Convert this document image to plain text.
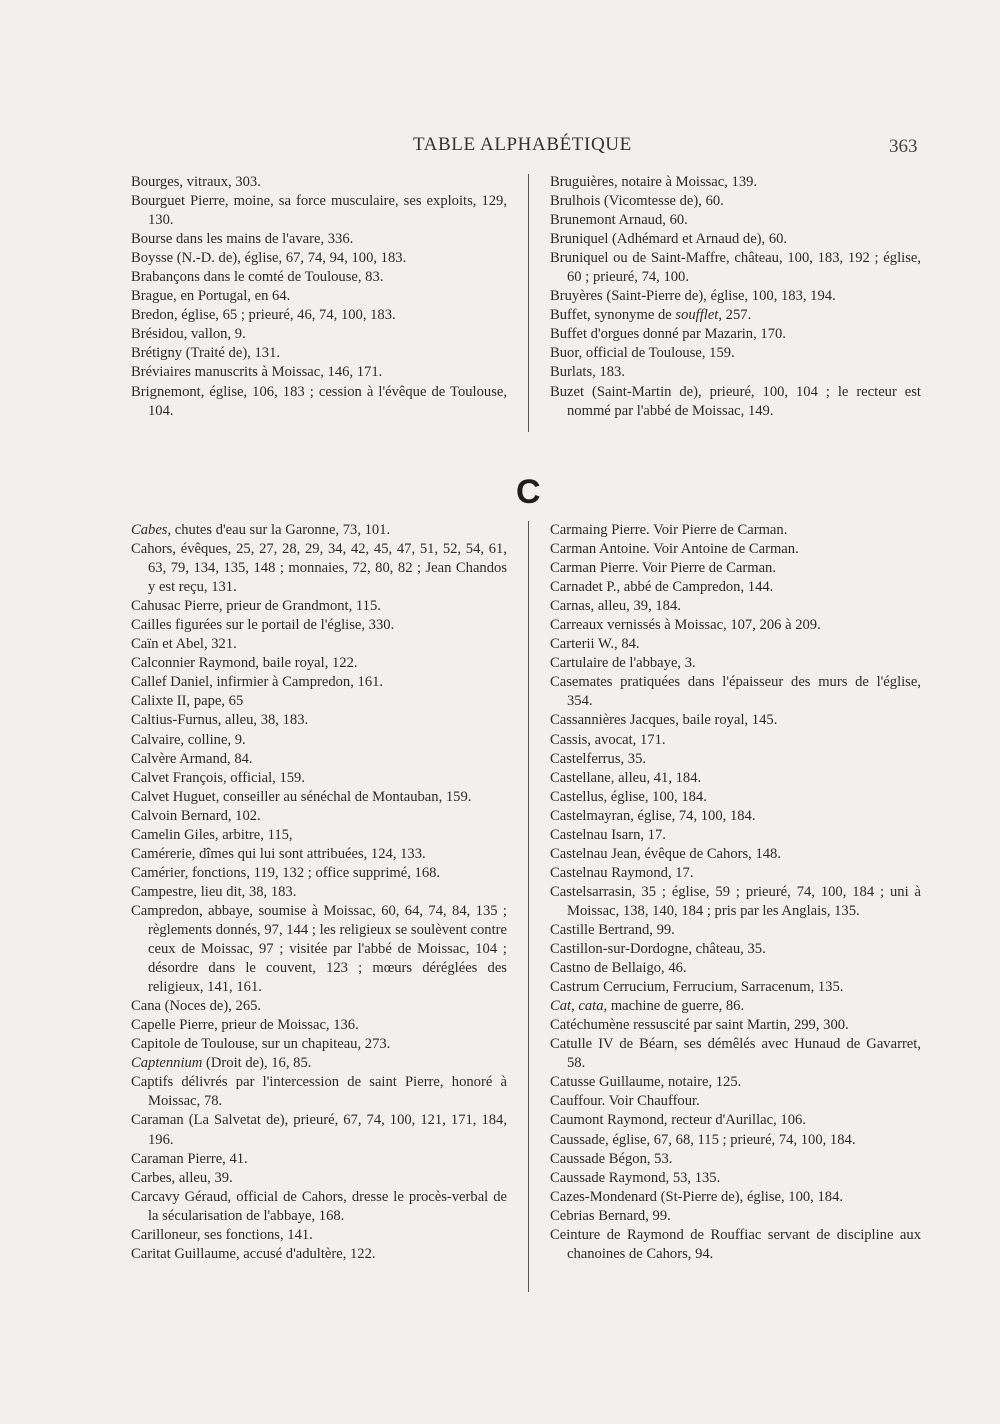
TABLE ALPHABÉTIQUE	363

Bourges, vitraux, 303.

Bourguet Pierre, moine, sa force musculaire, ses exploits, 129, 130.

Bourse dans les mains de l'avare, 336.

Boysse (N.-D. de), église, 67, 74, 94, 100, 183.

Brabançons dans le comté de Toulouse, 83.

Brague, en Portugal, en 64.

Bredon, église, 65 ; prieuré, 46, 74, 100, 183.

Brésidou, vallon, 9.

Brétigny (Traité de), 131.

Bréviaires manuscrits à Moissac, 146, 171.

Brignemont, église, 106, 183 ; cession à l'évêque de Toulouse, 104.

Bruguières, notaire à Moissac, 139.

Brulhois (Vicomtesse de), 60.

Brunemont Arnaud, 60.

Bruniquel (Adhémard et Arnaud de), 60.

Bruniquel ou de Saint-Maffre, château, 100, 183, 192 ; église, 60 ; prieuré, 74, 100.

Bruyères (Saint-Pierre de), église, 100, 183, 194.

Buffet, synonyme de soufflet, 257.

Buffet d'orgues donné par Mazarin, 170.

Buor, official de Toulouse, 159.

Burlats, 183.

Buzet (Saint-Martin de), prieuré, 100, 104 ; le recteur est nommé par l'abbé de Moissac, 149.

C

Cabes, chutes d'eau sur la Garonne, 73, 101.

Cahors, évêques, 25, 27, 28, 29, 34, 42, 45, 47, 51, 52, 54, 61, 63, 79, 134, 135, 148 ; monnaies, 72, 80, 82 ; Jean Chandos y est reçu, 131.

Cahusac Pierre, prieur de Grandmont, 115.

Cailles figurées sur le portail de l'église, 330.

Caïn et Abel, 321.

Calconnier Raymond, baile royal, 122.

Callef Daniel, infirmier à Campredon, 161.

Calixte II, pape, 65

Caltius-Furnus, alleu, 38, 183.

Calvaire, colline, 9.

Calvère Armand, 84.

Calvet François, official, 159.

Calvet Huguet, conseiller au sénéchal de Montauban, 159.

Calvoin Bernard, 102.

Camelin Giles, arbitre, 115,

Camérerie, dîmes qui lui sont attribuées, 124, 133.

Camérier, fonctions, 119, 132 ; office supprimé, 168.

Campestre, lieu dit, 38, 183.

Campredon, abbaye, soumise à Moissac, 60, 64, 74, 84, 135 ; règlements donnés, 97, 144 ; les religieux se soulèvent contre ceux de Moissac, 97 ; visitée par l'abbé de Moissac, 104 ; désordre dans le couvent, 123 ; mœurs déréglées des religieux, 141, 161.

Cana (Noces de), 265.

Capelle Pierre, prieur de Moissac, 136.

Capitole de Toulouse, sur un chapiteau, 273.

Captennium (Droit de), 16, 85.

Captifs délivrés par l'intercession de saint Pierre, honoré à Moissac, 78.

Caraman (La Salvetat de), prieuré, 67, 74, 100, 121, 171, 184, 196.

Caraman Pierre, 41.

Carbes, alleu, 39.

Carcavy Géraud, official de Cahors, dresse le procès-verbal de la sécularisation de l'abbaye, 168.

Carilloneur, ses fonctions, 141.

Caritat Guillaume, accusé d'adultère, 122.

Carmaing Pierre. Voir Pierre de Carman.

Carman Antoine. Voir Antoine de Carman.

Carman Pierre. Voir Pierre de Carman.

Carnadet P., abbé de Campredon, 144.

Carnas, alleu, 39, 184.

Carreaux vernissés à Moissac, 107, 206 à 209.

Carterii W., 84.

Cartulaire de l'abbaye, 3.

Casemates pratiquées dans l'épaisseur des murs de l'église, 354.

Cassannières Jacques, baile royal, 145.

Cassis, avocat, 171.

Castelferrus, 35.

Castellane, alleu, 41, 184.

Castellus, église, 100, 184.

Castelmayran, église, 74, 100, 184.

Castelnau Isarn, 17.

Castelnau Jean, évêque de Cahors, 148.

Castelnau Raymond, 17.

Castelsarrasin, 35 ; église, 59 ; prieuré, 74, 100, 184 ; uni à Moissac, 138, 140, 184 ; pris par les Anglais, 135.

Castille Bertrand, 99.

Castillon-sur-Dordogne, château, 35.

Castno de Bellaigo, 46.

Castrum Cerrucium, Ferrucium, Sarracenum, 135.

Cat, cata, machine de guerre, 86.

Catéchumène ressuscité par saint Martin, 299, 300.

Catulle IV de Béarn, ses démêlés avec Hunaud de Gavarret, 58.

Catusse Guillaume, notaire, 125.

Cauffour. Voir Chauffour.

Caumont Raymond, recteur d'Aurillac, 106.

Caussade, église, 67, 68, 115 ; prieuré, 74, 100, 184.

Caussade Bégon, 53.

Caussade Raymond, 53, 135.

Cazes-Mondenard (St-Pierre de), église, 100, 184.

Cebrias Bernard, 99.

Ceinture de Raymond de Rouffiac servant de discipline aux chanoines de Cahors, 94.
